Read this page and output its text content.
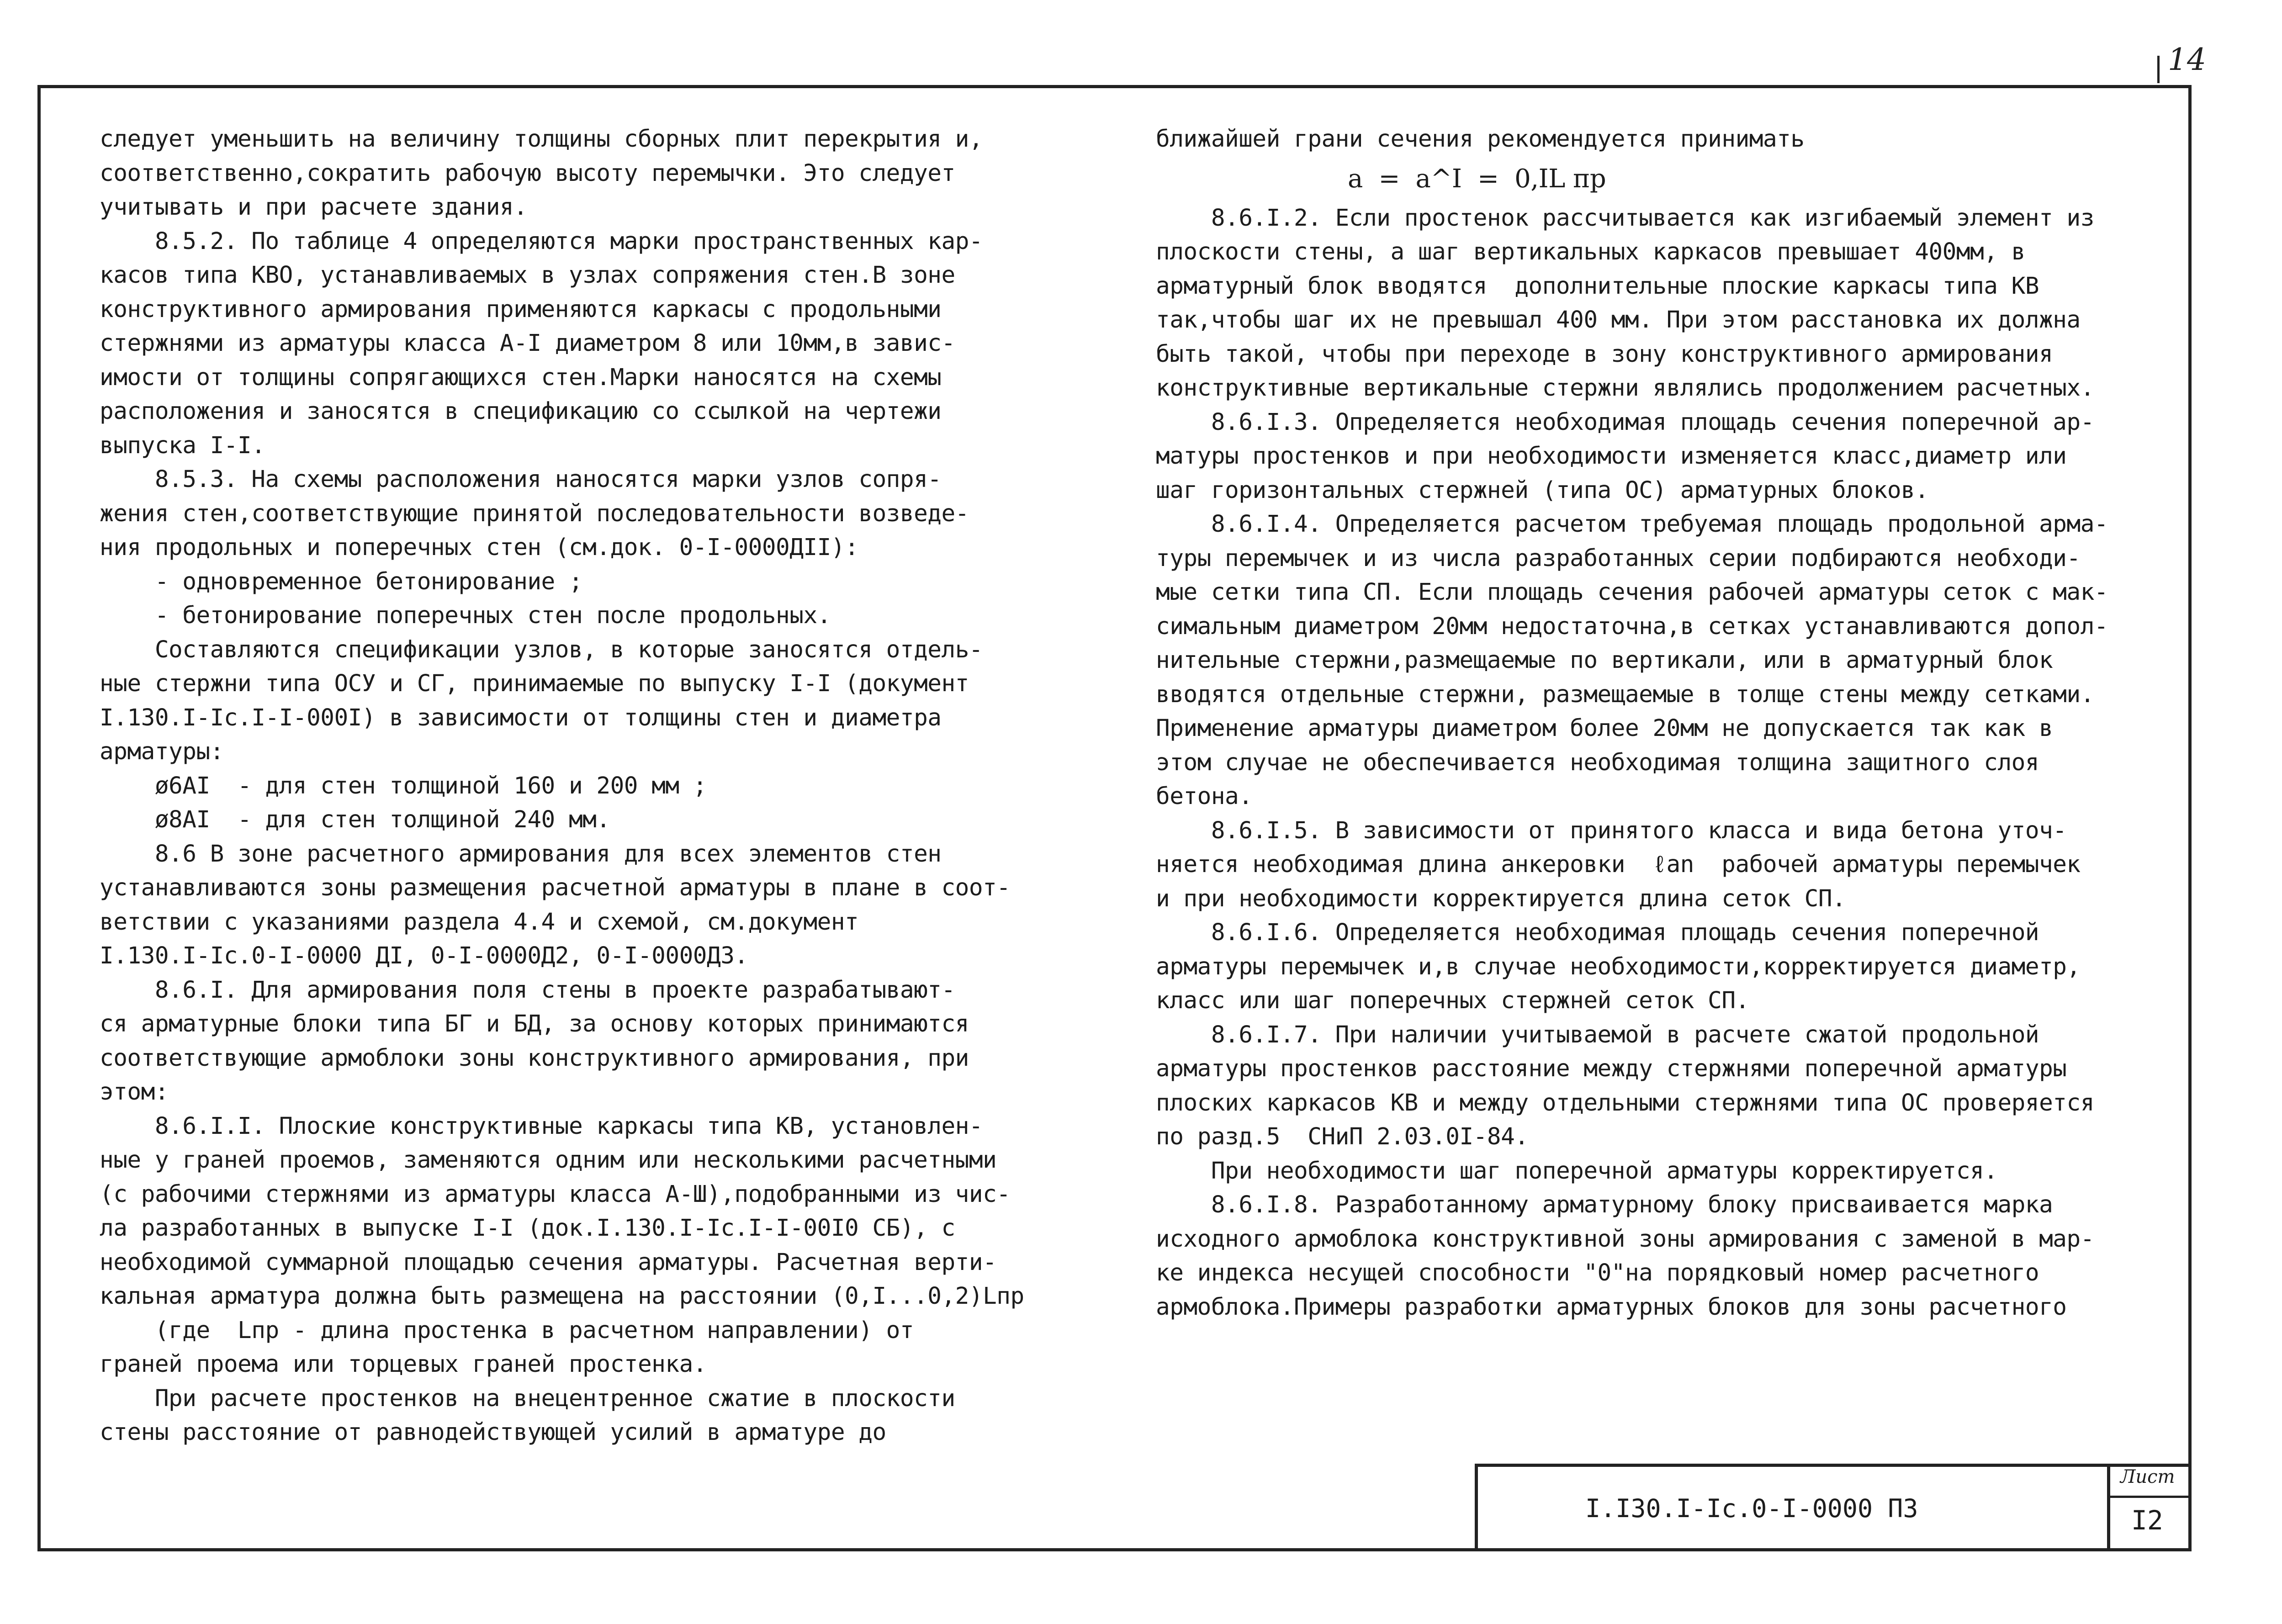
14

следует уменьшить на величину толщины сборных плит перекрытия и,

соответственно,сократить рабочую высоту перемычки. Это следует

учитывать и при расчете здания.

8.5.2. По таблице 4 определяются марки пространственных кар-

касов типа КВО, устанавливаемых в узлах сопряжения стен.В зоне

конструктивного армирования применяются каркасы с продольными

стержнями из арматуры класса А-I диаметром 8 или 10мм,в завис-

имости от толщины сопрягающихся стен.Марки наносятся на схемы

расположения и заносятся в спецификацию со ссылкой на чертежи

выпуска I-I.

8.5.3. На схемы расположения наносятся марки узлов сопря-

жения стен,соответствующие принятой последовательности возведе-

ния продольных и поперечных стен (см.док. 0-I-0000ДII):

- одновременное бетонирование ;

- бетонирование поперечных стен после продольных.

Составляются спецификации узлов, в которые заносятся отдель-

ные стержни типа ОСУ и СГ, принимаемые по выпуску I-I (документ

I.130.I-Iс.I-I-000I) в зависимости от толщины стен и диаметра

арматуры:

ø6AI  - для стен толщиной 160 и 200 мм ;

ø8AI  - для стен толщиной 240 мм.

8.6 В зоне расчетного армирования для всех элементов стен

устанавливаются зоны размещения расчетной арматуры в плане в соот-

ветствии с указаниями раздела 4.4 и схемой, см.документ

I.130.I-Iс.0-I-0000 ДI, 0-I-0000Д2, 0-I-0000Д3.

8.6.I. Для армирования поля стены в проекте разрабатывают-

ся арматурные блоки типа БГ и БД, за основу которых принимаются

соответствующие армоблоки зоны конструктивного армирования, при

этом:

8.6.I.I. Плоские конструктивные каркасы типа КВ, установлен-

ные у граней проемов, заменяются одним или несколькими расчетными

(с рабочими стержнями из арматуры класса А-Ш),подобранными из чис-

ла разработанных в выпуске I-I (док.I.130.I-Iс.I-I-00I0 СБ), с

необходимой суммарной площадью сечения арматуры. Расчетная верти-

кальная арматура должна быть размещена на расстоянии (0,I...0,2)Lпр

(где  Lпр - длина простенка в расчетном направлении) от

граней проема или торцевых граней простенка.

При расчете простенков на внецентренное сжатие в плоскости

стены расстояние от равнодействующей усилий в арматуре до

ближайшей грани сечения рекомендуется принимать

a  =  a^I  =  0,IL пр

8.6.I.2. Если простенок рассчитывается как изгибаемый элемент из

плоскости стены, а шаг вертикальных каркасов превышает 400мм, в

арматурный блок вводятся  дополнительные плоские каркасы типа КВ

так,чтобы шаг их не превышал 400 мм. При этом расстановка их должна

быть такой, чтобы при переходе в зону конструктивного армирования

конструктивные вертикальные стержни являлись продолжением расчетных.

8.6.I.3. Определяется необходимая площадь сечения поперечной ар-

матуры простенков и при необходимости изменяется класс,диаметр или

шаг горизонтальных стержней (типа ОС) арматурных блоков.

8.6.I.4. Определяется расчетом требуемая площадь продольной арма-

туры перемычек и из числа разработанных серии подбираются необходи-

мые сетки типа СП. Если площадь сечения рабочей арматуры сеток с мак-

симальным диаметром 20мм недостаточна,в сетках устанавливаются допол-

нительные стержни,размещаемые по вертикали, или в арматурный блок

вводятся отдельные стержни, размещаемые в толще стены между сетками.

Применение арматуры диаметром более 20мм не допускается так как в

этом случае не обеспечивается необходимая толщина защитного слоя

бетона.

8.6.I.5. В зависимости от принятого класса и вида бетона уточ-

няется необходимая длина анкеровки  ℓan  рабочей арматуры перемычек

и при необходимости корректируется длина сеток СП.

8.6.I.6. Определяется необходимая площадь сечения поперечной

арматуры перемычек и,в случае необходимости,корректируется диаметр,

класс или шаг поперечных стержней сеток СП.

8.6.I.7. При наличии учитываемой в расчете сжатой продольной

арматуры простенков расстояние между стержнями поперечной арматуры

плоских каркасов КВ и между отдельными стержнями типа ОС проверяется

по разд.5  СНиП 2.03.0I-84.

При необходимости шаг поперечной арматуры корректируется.

8.6.I.8. Разработанному арматурному блоку присваивается марка

исходного армоблока конструктивной зоны армирования с заменой в мар-

ке индекса несущей способности "0"на порядковый номер расчетного

армоблока.Примеры разработки арматурных блоков для зоны расчетного

I.I30.I-Iс.0-I-0000 ПЗ
Лист
I2
